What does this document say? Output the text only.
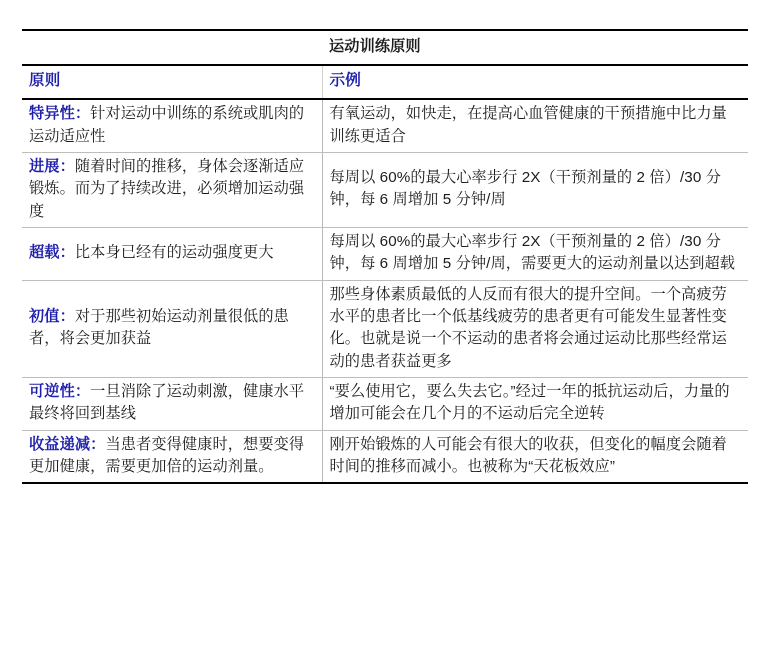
	运动训练原则
原则	示例

特异性：针对运动中训练的系统或肌肉的运动适应性	有氧运动，如快走，在提高心血管健康的干预措施中比力量训练更适合

进展：随着时间的推移，身体会逐渐适应锻炼。而为了持续改进，必须增加运动强度	每周以 60%的最大心率步行 2X（干预剂量的 2 倍）/30 分钟，每 6 周增加 5 分钟/周

超载：比本身已经有的运动强度更大	每周以 60%的最大心率步行 2X（干预剂量的 2 倍）/30 分钟，每 6 周增加 5 分钟/周，需要更大的运动剂量以达到超载

初值：对于那些初始运动剂量很低的患者，将会更加获益	那些身体素质最低的人反而有很大的提升空间。一个高疲劳水平的患者比一个低基线疲劳的患者更有可能发生显著性变化。也就是说一个不运动的患者将会通过运动比那些经常运动的患者获益更多

可逆性：一旦消除了运动刺激，健康水平最终将回到基线	“要么使用它，要么失去它。”经过一年的抵抗运动后，力量的增加可能会在几个月的不运动后完全逆转

收益递减：当患者变得健康时，想要变得更加健康，需要更加倍的运动剂量。	刚开始锻炼的人可能会有很大的收获，但变化的幅度会随着时间的推移而减小。也被称为“天花板效应”
